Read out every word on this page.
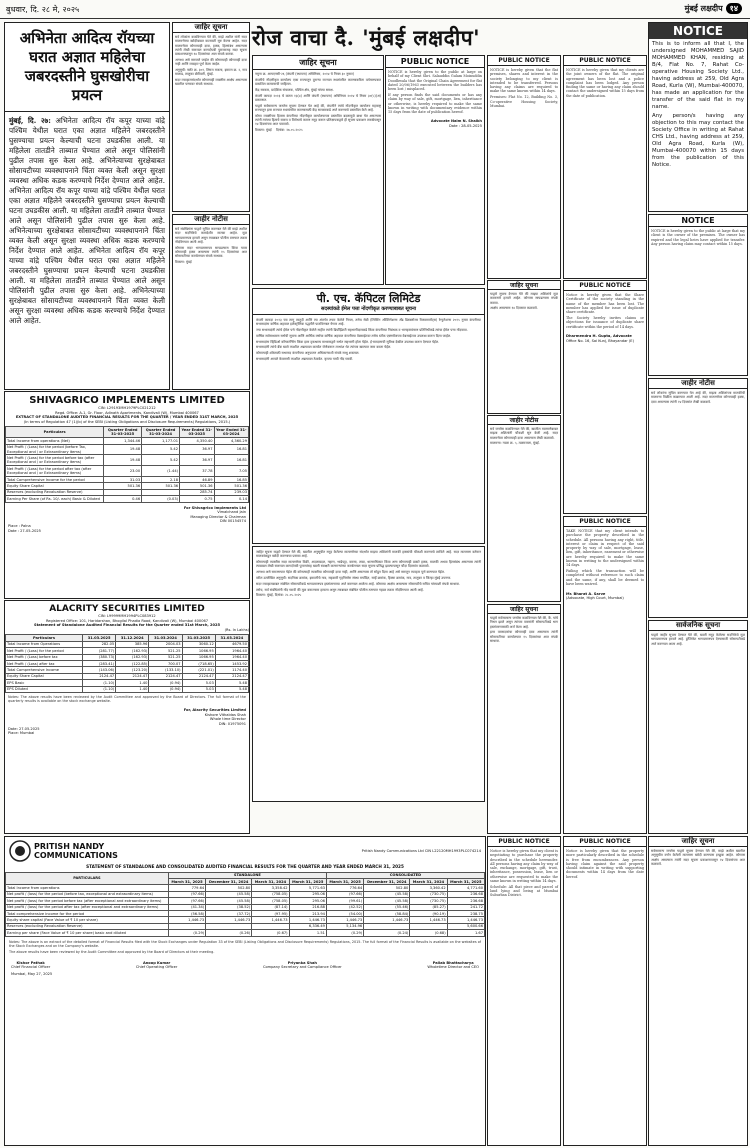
बुधवार, दि. २८ मे, २०२५	मुंबई लक्षदीप १४
अभिनेता आदित्य रॉयच्या घरात अज्ञात महिलेचा जबरदस्तीने घुसखोरीचा प्रयत्न
मुंबई, दि. २७: अभिनेता आदित्य रॉय कपूर याच्या वांद्रे पश्चिम येथील घरात एका अज्ञात महिलेने जबरदस्तीने घुसण्याचा प्रयत्न केल्याची घटना उघडकीस आली. या महिलेला तातडीने ताब्यात घेण्यात आले असून पोलिसांनी पुढील तपास सुरु केला आहे. अभिनेत्याच्या सुरक्षेबाबत सोसायटीच्या व्यवस्थापनाने चिंता व्यक्त केली असून सुरक्षा व्यवस्था अधिक कडक करण्याचे निर्देश देण्यात आले आहेत. अभिनेता आदित्य रॉय कपूर याच्या वांद्रे पश्चिम येथील घरात एका अज्ञात महिलेने जबरदस्तीने घुसण्याचा प्रयत्न केल्याची घटना उघडकीस आली. या महिलेला तातडीने ताब्यात घेण्यात आले असून पोलिसांनी पुढील तपास सुरु केला आहे. अभिनेत्याच्या सुरक्षेबाबत सोसायटीच्या व्यवस्थापनाने चिंता व्यक्त केली असून सुरक्षा व्यवस्था अधिक कडक करण्याचे निर्देश देण्यात आले आहेत. अभिनेता आदित्य रॉय कपूर याच्या वांद्रे पश्चिम येथील घरात एका अज्ञात महिलेने जबरदस्तीने घुसण्याचा प्रयत्न केल्याची घटना उघडकीस आली. या महिलेला तातडीने ताब्यात घेण्यात आले असून पोलिसांनी पुढील तपास सुरु केला आहे. अभिनेत्याच्या सुरक्षेबाबत सोसायटीच्या व्यवस्थापनाने चिंता व्यक्त केली असून सुरक्षा व्यवस्था अधिक कडक करण्याचे निर्देश देण्यात आले आहेत.
SHIVAGRICO IMPLEMENTS LIMITED
CIN: L29193MH1979PLC021212
Regd. Office: A-1, Gr. Floor, Adinath Apartments, Kandivali (W), Mumbai 400067
EXTRACT OF STANDALONE AUDITED FINANCIAL RESULTS FOR THE QUARTER / YEAR ENDED 31ST MARCH, 2025
(In terms of Regulation 47 (1)(b) of the SEBI (Listing Obligations and Disclosure Requirements) Regulations, 2015.)
Particulars	Quarter Ended 31-03-2025	Quarter Ended 31-03-2024	Year Ended 31-03-2025	Year Ended 31-03-2024
Total Income from operations (Net)	1,344.46	1,177.01	4,350.40	4,360.29
Net Profit / (Loss) for the period (before Tax, Exceptional and / or Extraordinary items)	19.48	5.42	36.97	16.81
Net Profit / (Loss) for the period before tax (after Exceptional and / or Extraordinary items)	19.48	5.42	36.97	16.81
Net Profit / (Loss) for the period after tax (after Exceptional and / or Extraordinary items)	23.00	(1.44)	37.78	7.05
Total Comprehensive Income for the period	31.03	2.18	46.89	16.85
Equity Share Capital	501.36	501.36	501.36	501.36
Reserves (excluding Revaluation Reserve)			285.74	239.03
Earning Per Share (of Rs. 10/- each) Basic & Diluted	0.46	(0.03)	0.75	0.14
For Shivagrico Implements Ltd
Vimalchand Jain
Managing Director & Chairman
DIN 00154574
Place : Palna
Date : 27-05-2025
ALACRITY SECURITIES LIMITED
CIN: L99999MH1994PLC083912
Registered Office: 101, Haridarshan, Bhogilal Phadia Road, Kandivali (W), Mumbai 400067
Statement of Standalone Audited Financial Results for the Quarter ended 31st March, 2025
(Rs. In Lakhs)
Particulars	31.03.2025	31.12.2024	31.03.2024	31.03.2025	31.03.2024
Total Income from Operations	282.05	385.96	2004.03	3060.12	4679.50
Net Profit / (Loss) for the period	(281.77)	(162.93)	521.25	1066.95	1964.40
Net Profit / (Loss) before tax	(380.73)	(162.93)	521.25	1066.95	1964.40
Net Profit / (Loss) after tax	(283.41)	(122.85)	700.07	(718.65)	1453.92
Total Comprehensive Income	(143.06)	(123.20)	(133.10)	(221.01)	1174.40
Equity Share Capital	2124.47	2124.47	2124.47	2124.47	2124.47
EPS Basic	(1.10)	1.40	(0.94)	5.03	5.48
EPS Diluted	(1.10)	1.40	(0.94)	5.03	5.48

Notes: The above results have been reviewed by the Audit Committee and approved by the Board of Directors. The full format of the quarterly results is available on the stock exchange website.

For, Alacrity Securities Limited
Kishore Vithaldas Shah
Whole time Director
DIN: 01975091
Date: 27.05.2025
Place: Mumbai
जाहिर सूचना

सर्व लोकांना कळविण्यात येते की, माझे अशील यांनी सदर मालमत्तेच्या खरेदीबाबत वाटाघाटी सुरु केल्या आहेत. सदर मालमत्तेवर कोणाचाही दावा, हक्क, हितसंबंध असल्यास त्यांनी लेखी स्वरुपात कागदोपत्री पुराव्यासह सदर सूचना प्रकाशनापासून १४ दिवसांच्या आत संपर्क करावा.

अन्यथा असे समजले जाईल की कोणाचाही कोणताही दावा नाही आणि व्यवहार पूर्ण केला जाईल.

अनुसूची: फ्लॅट क्र. ३०१, तिसरा मजला, इमारत क्र. २, गाव मालाड, तालुका बोरीवली, मुंबई.

सदर व्यवहारासंदर्भात कोणत्याही व्यक्तीस आक्षेप असल्यास खालील पत्त्यावर संपर्क साधावा.

जाहीर नोटीस

सर्व संबंधितांना याद्वारे सूचित करण्यात येते की माझे अशील सदर सदनिकेचे कायदेशीर मालक आहेत. मूळ भागप्रमाणपत्र हरवले असून त्याबाबत पोलीस ठाण्यात तक्रार नोंदविण्यात आली आहे.

कोणास सदर भागप्रमाणपत्र सापडल्यास किंवा यावर कोणताही हक्क असल्यास त्यांनी १५ दिवसांच्या आत सोसायटीच्या कार्यालयात संपर्क साधावा.

ठिकाण: मुंबई

रोज वाचा दै. 'मुंबई लक्षदीप'
जाहिर सूचना

नमुना क्र. आयएनसी-२६ (कंपनी (स्थापना) अधिनियम, २०१४ चे नियम ३० नुसार)

कंपनीचे नोंदणीकृत कार्यालय एका राज्यातून दुसऱ्या राज्यात स्थलांतरित करण्याकरिता वर्तमानपत्रात प्रकाशित करावयाची जाहिरात.

केंद्र सरकार, प्रादेशिक संचालक, पश्चिम क्षेत्र, मुंबई यांच्या समक्ष.

कंपनी कायदा २०१३ चे कलम १३(४) आणि कंपनी (स्थापना) अधिनियम २०१४ चे नियम ३०(५)(अ) प्रकरणात.

याद्वारे सर्वसामान्य जनतेस सूचना देण्यात येत आहे की, कंपनीने त्यांचे नोंदणीकृत कार्यालय महाराष्ट्र राज्यातून इतर राज्यात स्थलांतरित करण्यासाठी केंद्र सरकारकडे अर्ज करण्याचे प्रस्तावित केले आहे.

कोणा व्यक्तीच्या हितास कंपनीच्या नोंदणीकृत कार्यालयाच्या प्रस्तावित बदलामुळे बाधा येत असल्यास त्यांनी त्यांच्या हिताचे स्वरुप व विरोधाचे कारण नमूद करून प्रतिज्ञापत्राद्वारे ही सूचना प्रकाशन तारखेपासून १४ दिवसांच्या आत पाठवावे.

ठिकाण: मुंबई    दिनांक: २७.०५.२०२५

PUBLIC NOTICE

NOTICE is hereby given to the public at large on behalf of my Client Shri. Salauddin Gulam Moinuddin Doodhwala that the Original Chain Agreement for flat dated 20/06/1963 executed between the builders has been lost / misplaced.

If any person finds the said documents or has any claim by way of sale, gift, mortgage, lien, inheritance or otherwise, is hereby required to make the same known in writing with documentary evidence within 15 days from the date of publication hereof.

Advocate Naim N. Shaikh
Date : 28-05-2025
पी. एच. कॅपिटल लिमिटेड
सदस्यांकडे ईमेल पत्ता नोंदणीकृत करण्याबाबत सूचना

कंपनी कायदा २०१३ च्या लागू तरतुदी आणि त्या अंतर्गत तयार केलेले नियम, तसेच सेबी (लिस्टिंग ऑब्लिगेशन्स अँड डिस्क्लोजर रिक्वायरमेंट्स) रेग्युलेशन्स २०१५ नुसार कंपनीच्या सभासदांना वार्षिक अहवाल इलेक्ट्रॉनिक पद्धतीने पाठविण्यात येणार आहे.

ज्या सभासदांनी त्यांचे ईमेल पत्ते नोंदणीकृत केलेले नाहीत त्यांनी डिपॉझिटरी सहभागीदाराकडे किंवा कंपनीच्या निबंधक व भागहस्तांतरण प्रतिनिधीकडे त्यांचा ईमेल पत्ता नोंदवावा.

वार्षिक सर्वसाधारण सभेची सूचना आणि आर्थिक वर्षाचा वार्षिक अहवाल कंपनीच्या वेबसाईटवर तसेच स्टॉक एक्सचेंजच्या वेबसाईटवर उपलब्ध करून दिला जाईल.

सभासदांना व्हिडिओ कॉन्फरन्सिंग किंवा इतर दृकश्राव्य माध्यमाद्वारे सभेत सहभागी होता येईल. ई-मतदानाची सुविधा देखील उपलब्ध करून देण्यात येईल.

सभासदांनी त्यांचे बँक खाते तपशील अद्ययावत करावेत जेणेकरून लाभांश थेट त्यांच्या खात्यात जमा करता येईल.

कोणत्याही शंकेसाठी सभासद कंपनीच्या अनुपालन अधिकाऱ्याशी संपर्क साधू शकतात.

सभासदांनी आपले केवायसी तपशील अद्ययावत ठेवावेत. कृपया याची नोंद घ्यावी.

जाहिर सूचना याद्वारे देण्यात येते की, खालील अनुसूचीत नमूद केलेल्या मालमत्तेच्या संदर्भात माझ्या अशिलांनी मालकी हक्कांची चौकशी करण्याचे ठरविले आहे. सदर मालमत्ता वर्तमान मालकांकडून खरेदी करण्याचा प्रस्ताव आहे.

कोणत्याही व्यक्तीस सदर मालमत्तेवर विक्री, अदलाबदल, गहाण, भाडेपट्टा, वारसा, ताबा, धारणाधिकार किंवा अन्य कोणत्याही प्रकारे हक्क, मालकी अथवा हितसंबंध असल्यास त्यांनी त्याबाबत लेखी स्वरुपात कागदोपत्री पुराव्यांसह खाली स्वाक्षरी करणाऱ्यांच्या कार्यालयात सदर सूचना प्रसिद्ध झाल्यापासून चौदा दिवसांत कळवावे.

अन्यथा असे समजण्यात येईल की कोणत्याही व्यक्तीचा कोणताही दावा नाही, आणि असल्यास तो सोडून दिला आहे असे समजून व्यवहार पूर्ण करण्यात येईल.

वरील उल्लेखित अनुसूची: सदनिका क्रमांक, इमारतीचे नाव, सहकारी गृहनिर्माण संस्था मर्यादित, सर्व्हे क्रमांक, हिस्सा क्रमांक, गाव, तालुका व जिल्हा मुंबई उपनगर.

सदर व्यवहाराबाबत संबंधित सोसायटीकडे भागप्रमाणपत्र हस्तांतरणाचा अर्ज करण्यात आलेला आहे. कोणाचा आक्षेप असल्यास सोसायटीचे सचिव यांच्याशी संपर्क साधावा.

तसेच, सर्व संबंधितांनी नोंद घ्यावी की मूळ करारनामा हरवला असून त्याबाबत संबंधित पोलीस ठाण्यात गहाळ तक्रार नोंदविण्यात आली आहे.

ठिकाण: मुंबई, दिनांक: २८.०५.२०२५

PRITISH NANDY
COMMUNICATIONS
Pritish Nandy Communications Ltd CIN L22120MH1993PLC074214
STATEMENT OF STANDALONE AND CONSOLIDATED AUDITED FINANCIAL RESULTS FOR THE QUARTER AND YEAR ENDED MARCH 31, 2025
PARTICULARS	STANDALONE				CONSOLIDATED			
	March 31, 2025	December 31, 2024	March 31, 2024	March 31, 2025	March 31, 2025	December 31, 2024	March 31, 2024	March 31, 2025
Total Income from operations	779.64	502.80	3,358.42	5,771.63	776.64	502.80	3,360.42	4,771.60
Net profit / (loss) for the period (before tax, exceptional and extraordinary items)	(97.66)	(45.58)	(758.05)	295.06	(97.66)	(45.58)	(730.75)	236.68
Net profit / (loss) for the period before tax (after exceptional and extraordinary items)	(97.66)	(45.58)	(758.05)	295.06	(99.61)	(45.58)	(730.75)	236.68
Net profit / (loss) for the period after tax (after exceptional and extraordinary items)	(41.34)	(38.52)	(87.14)	216.88	(42.52)	(55.46)	(85.27)	241.72
Total comprehensive income for the period	(56.58)	(37.72)	(97.95)	213.94	(54.00)	(58.84)	(90.19)	238.75
Equity share capital (Face Value of ₹ 10 per share)	1,446.73	1,446.73	1,446.73	1,446.73	1,446.73	1,446.73	1,446.73	1,446.73
Reserves (excluding Revaluation Reserve)				6,336.49	5,134.96			5,600.66
Earning per share (Face Value of ₹ 10 per share) basic and diluted	(0.29)	(0.26)	(0.67)	1.51	(0.29)	(0.24)	(0.68)	1.67

Notes: The above is an extract of the detailed format of Financial Results filed with the Stock Exchanges under Regulation 33 of the SEBI (Listing Obligations and Disclosure Requirements) Regulations, 2015. The full format of the Financial Results is available on the websites of the Stock Exchanges and on the Company's website.

The above results have been reviewed by the Audit Committee and approved by the Board of Directors at their meeting.

Kishor Pathak
Chief Financial Officer
Anoop Kumar
Chief Operating Officer
Priyanka Shah
Company Secretary and Compliance Officer
Pallab Bhattacharya
Wholetime Director and CEO
Mumbai, May 27, 2025
PUBLIC NOTICE

NOTICE is hereby given that the flat premises, shares and interest in the society belonging to my client is intended to be transferred. Persons having any claims are required to make the same known within 14 days.

Premises: Flat No. 12, Building No. 3, Co-operative Housing Society, Mumbai.

जाहिर सूचना

याद्वारे सूचना देण्यात येते की माझ्या अशिलांचे मूळ करारनामे हरवले आहेत. कोणास सापडल्यास संपर्क करावा.

आक्षेप असल्यास १४ दिवसात कळवावे.

जाहीर नोटीस

सर्व जनतेस कळविण्यात येते की, खालील मालमत्तेबाबत माझ्या अशिलांनी चौकशी सुरु केली आहे. सदर मालमत्तेवर कोणाचाही दावा असल्यास लेखी कळवावे.

मालमत्ता: गाळा क्र. ५, तळमजला, मुंबई.

जाहिर सूचना

याद्वारे सर्वसामान्य जनतेस कळविण्यात येते की, कै. यांचे निधन झाले असून त्यांच्या वारसांनी सोसायटीकडे भाग हस्तांतरणासाठी अर्ज केला आहे.

इतर वारसदारांचा कोणताही दावा असल्यास त्यांनी सोसायटीच्या कार्यालयात १५ दिवसांच्या आत संपर्क साधावा.

PUBLIC NOTICE

Notice is hereby given that my client is negotiating to purchase the property described in the schedule hereunder. All persons having any claim by way of sale, exchange, mortgage, gift, trust, inheritance, possession, lease, lien or otherwise are requested to make the same known in writing within 14 days.

Schedule: All that piece and parcel of land lying and being at Mumbai Suburban District.

PUBLIC NOTICE

NOTICE is hereby given that my clients are the joint owners of the flat. The original agreement has been lost and a police complaint has been lodged. Any person finding the same or having any claim should contact the undersigned within 15 days from the date of publication.

PUBLIC NOTICE

Notice is hereby given that the Share Certificate of the society standing in the name of the member has been lost. The member has applied for issue of duplicate share certificate.

The Society hereby invites claims or objections for issuance of duplicate share certificate within the period of 14 days.

Dharmendra H. Gupta, Advocate
Office No. 16, Sai Kunj, Bhayandar (E)
PUBLIC NOTICE

TAKE NOTICE that my client intends to purchase the property described in the schedule. All persons having any right, title, interest or claim in respect of the said property by way of sale, mortgage, lease, lien, gift, inheritance, easement or otherwise are hereby required to make the same known in writing to the undersigned within 14 days.

Failing which the transaction will be completed without reference to such claim and the same, if any, shall be deemed to have been waived.

Mr. Bharat A. Sarve
(Advocate, High Court, Mumbai)
PUBLIC NOTICE

Notice is hereby given that the property more particularly described in the schedule is free from encumbrances. Any person having claim against the said property should intimate in writing with supporting documents within 14 days from the date hereof.

NOTICE

This is to inform all that I, the undersigned MOHAMMED SAJID MOHAMMED KHAN, residing at B/4, Flat No. 7, Rahat Co-operative Housing Society Ltd., having address at 259, Old Agra Road, Kurla (W), Mumbai-400070, has made an application for the transfer of the said flat in my name.

Any person/s having any objection to this may contact the Society Office in writing at Rahat CHS Ltd., having address at 259, Old Agra Road, Kurla (W), Mumbai-400070 within 15 days from the publication of this Notice.

NOTICE

NOTICE is hereby given to the public at large that my client is the owner of the premises. The owner has expired and the legal heirs have applied for transfer. Any person having claim may contact within 15 days.

जाहीर नोटीस

सर्व लोकांना सूचित करण्यात येत आहे की, माझ्या अशिलांच्या मालकीची मालमत्ता विक्रीस काढण्यात आली आहे. सदर मालमत्तेवर कोणाचाही हक्क, दावा असल्यास त्यांनी १४ दिवसांत लेखी कळवावे.

सार्वजनिक सूचना

याद्वारे जाहीर सूचना देण्यात येते की, खाली नमूद केलेल्या सदनिकेचे मूळ भागप्रमाणपत्र हरवले आहे. डुप्लिकेट भागप्रमाणपत्र देण्यासाठी सोसायटीकडे अर्ज करण्यात आला आहे.

जाहिर सूचना

सर्वसामान्य जनतेस याद्वारे सूचना देण्यात येते की, माझे अशील खालील अनुसूचीत वर्णन केलेली मालमत्ता खरेदी करण्यास इच्छुक आहेत. कोणास आक्षेप असल्यास त्यांनी सदर सूचना प्रकाशनापासून १४ दिवसांच्या आत कळवावे.
